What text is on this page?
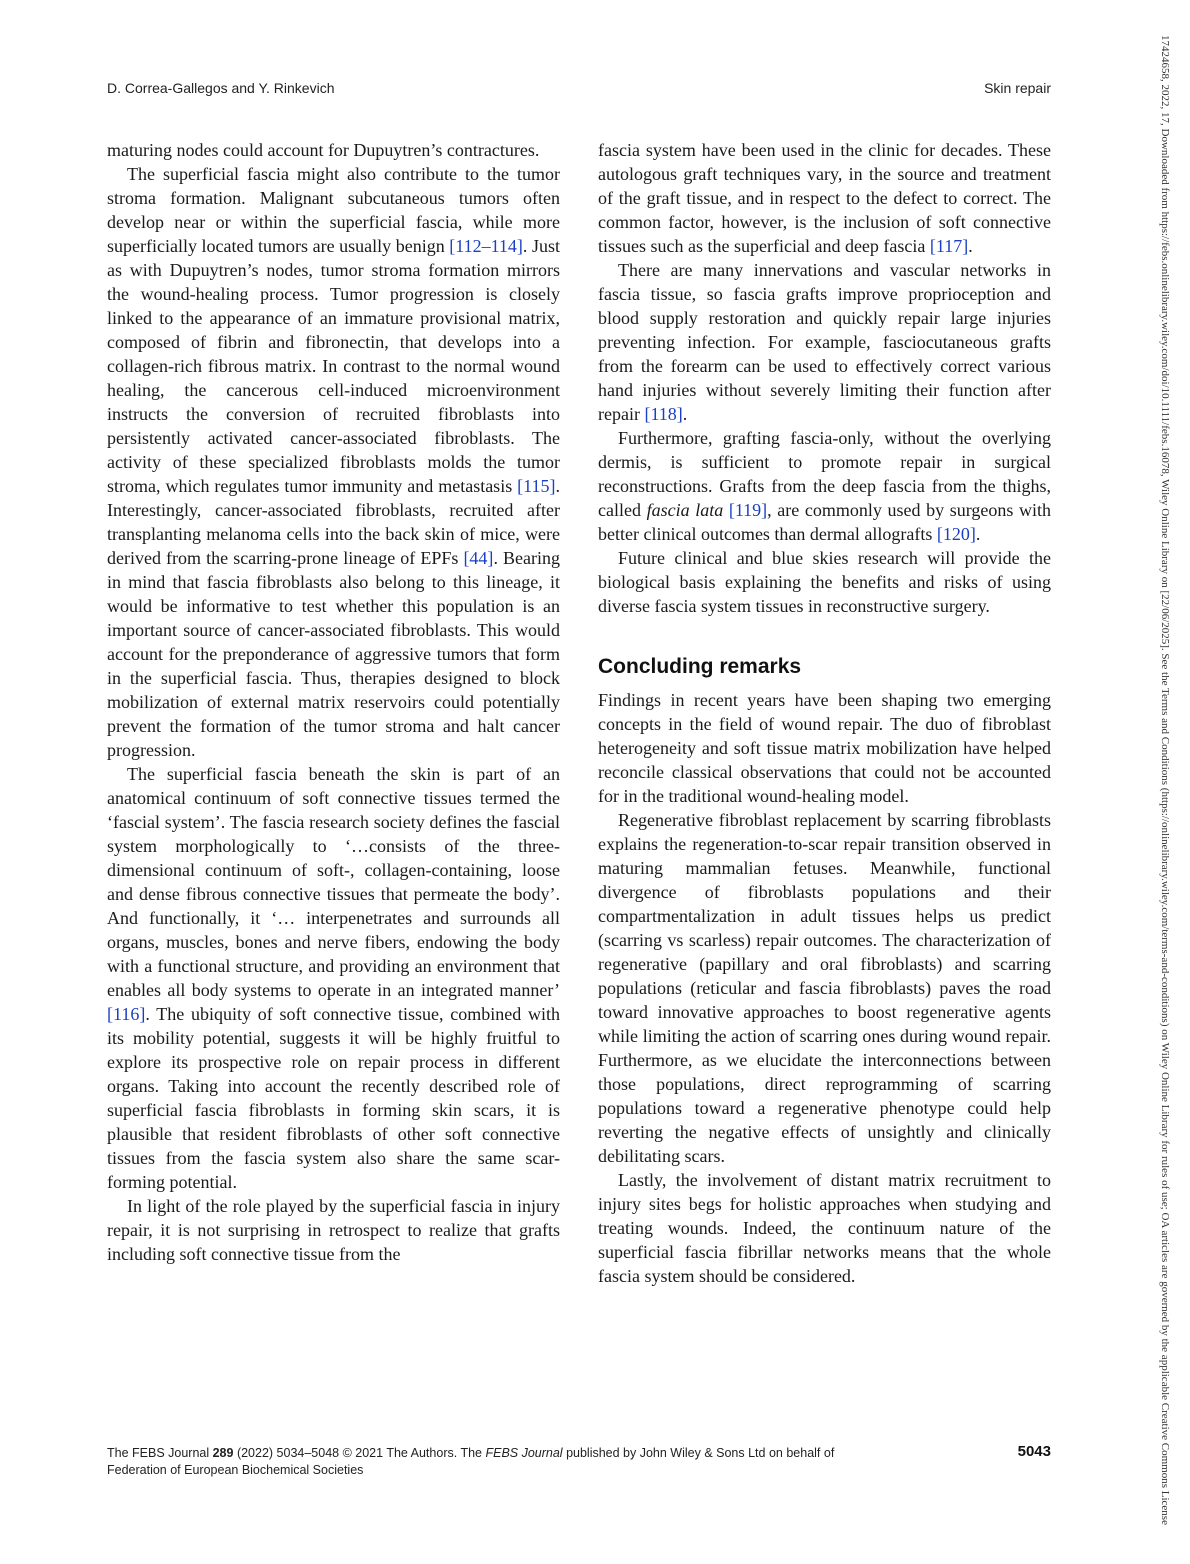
D. Correa-Gallegos and Y. Rinkevich	Skin repair

maturing nodes could account for Dupuytren’s contractures.

The superficial fascia might also contribute to the tumor stroma formation. Malignant subcutaneous tumors often develop near or within the superficial fascia, while more superficially located tumors are usually benign [112–114]. Just as with Dupuytren’s nodes, tumor stroma formation mirrors the wound-healing process. Tumor progression is closely linked to the appearance of an immature provisional matrix, composed of fibrin and fibronectin, that develops into a collagen-rich fibrous matrix. In contrast to the normal wound healing, the cancerous cell-induced microenvironment instructs the conversion of recruited fibroblasts into persistently activated cancer-associated fibroblasts. The activity of these specialized fibroblasts molds the tumor stroma, which regulates tumor immunity and metastasis [115]. Interestingly, cancer-associated fibroblasts, recruited after transplanting melanoma cells into the back skin of mice, were derived from the scarring-prone lineage of EPFs [44]. Bearing in mind that fascia fibroblasts also belong to this lineage, it would be informative to test whether this population is an important source of cancer-associated fibroblasts. This would account for the preponderance of aggressive tumors that form in the superficial fascia. Thus, therapies designed to block mobilization of external matrix reservoirs could potentially prevent the formation of the tumor stroma and halt cancer progression.

The superficial fascia beneath the skin is part of an anatomical continuum of soft connective tissues termed the ‘fascial system’. The fascia research society defines the fascial system morphologically to ‘…consists of the three-dimensional continuum of soft-, collagen-containing, loose and dense fibrous connective tissues that permeate the body’. And functionally, it ‘… interpenetrates and surrounds all organs, muscles, bones and nerve fibers, endowing the body with a functional structure, and providing an environment that enables all body systems to operate in an integrated manner’ [116]. The ubiquity of soft connective tissue, combined with its mobility potential, suggests it will be highly fruitful to explore its prospective role on repair process in different organs. Taking into account the recently described role of superficial fascia fibroblasts in forming skin scars, it is plausible that resident fibroblasts of other soft connective tissues from the fascia system also share the same scar-forming potential.

In light of the role played by the superficial fascia in injury repair, it is not surprising in retrospect to realize that grafts including soft connective tissue from the

fascia system have been used in the clinic for decades. These autologous graft techniques vary, in the source and treatment of the graft tissue, and in respect to the defect to correct. The common factor, however, is the inclusion of soft connective tissues such as the superficial and deep fascia [117].

There are many innervations and vascular networks in fascia tissue, so fascia grafts improve proprioception and blood supply restoration and quickly repair large injuries preventing infection. For example, fasciocutaneous grafts from the forearm can be used to effectively correct various hand injuries without severely limiting their function after repair [118].

Furthermore, grafting fascia-only, without the overlying dermis, is sufficient to promote repair in surgical reconstructions. Grafts from the deep fascia from the thighs, called fascia lata [119], are commonly used by surgeons with better clinical outcomes than dermal allografts [120].

Future clinical and blue skies research will provide the biological basis explaining the benefits and risks of using diverse fascia system tissues in reconstructive surgery.

Concluding remarks

Findings in recent years have been shaping two emerging concepts in the field of wound repair. The duo of fibroblast heterogeneity and soft tissue matrix mobilization have helped reconcile classical observations that could not be accounted for in the traditional wound-healing model.

Regenerative fibroblast replacement by scarring fibroblasts explains the regeneration-to-scar repair transition observed in maturing mammalian fetuses. Meanwhile, functional divergence of fibroblasts populations and their compartmentalization in adult tissues helps us predict (scarring vs scarless) repair outcomes. The characterization of regenerative (papillary and oral fibroblasts) and scarring populations (reticular and fascia fibroblasts) paves the road toward innovative approaches to boost regenerative agents while limiting the action of scarring ones during wound repair. Furthermore, as we elucidate the interconnections between those populations, direct reprogramming of scarring populations toward a regenerative phenotype could help reverting the negative effects of unsightly and clinically debilitating scars.

Lastly, the involvement of distant matrix recruitment to injury sites begs for holistic approaches when studying and treating wounds. Indeed, the continuum nature of the superficial fascia fibrillar networks means that the whole fascia system should be considered.

The FEBS Journal 289 (2022) 5034–5048 © 2021 The Authors. The FEBS Journal published by John Wiley & Sons Ltd on behalf of
Federation of European Biochemical Societies
5043	17424658, 2022, 17, Downloaded from https://febs.onlinelibrary.wiley.com/doi/10.1111/febs.16078, Wiley Online Library on [22/06/2025]. See the Terms and Conditions (https://onlinelibrary.wiley.com/terms-and-conditions) on Wiley Online Library for rules of use; OA articles are governed by the applicable Creative Commons License
